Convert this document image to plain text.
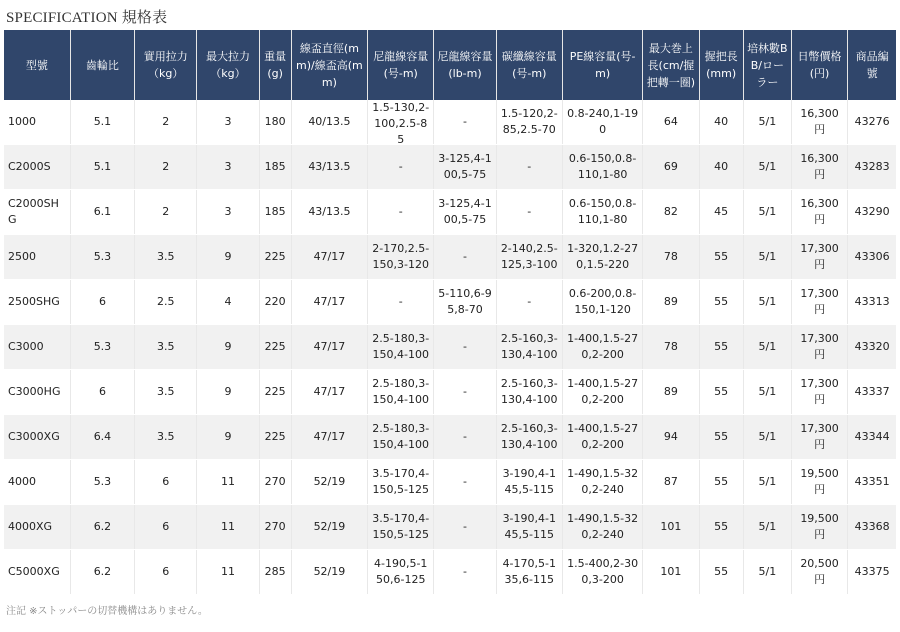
SPECIFICATION 規格表
型號	齒輪比	實用拉力（kg）	最大拉力（kg）	重量(g)	線盃直徑(mm)/線盃高(mm)	尼龍線容量(号-m)	尼龍線容量(lb-m)	碳纖線容量(号-m)	PE線容量(号-m)	最大巻上長(cm/握把轉一圈)	握把長(mm)	培林數BB/ローラー	日幣價格(円)	商品編號

1000	5.1	2	3	180	40/13.5	1.5-130,2-100,2.5-85	-	1.5-120,2-85,2.5-70	0.8-240,1-190	64	40	5/1	16,300円	43276

C2000S	5.1	2	3	185	43/13.5	-	3-125,4-100,5-75	-	0.6-150,0.8-110,1-80	69	40	5/1	16,300円	43283

C2000SHG	6.1	2	3	185	43/13.5	-	3-125,4-100,5-75	-	0.6-150,0.8-110,1-80	82	45	5/1	16,300円	43290

2500	5.3	3.5	9	225	47/17	2-170,2.5-150,3-120	-	2-140,2.5-125,3-100	1-320,1.2-270,1.5-220	78	55	5/1	17,300円	43306

2500SHG	6	2.5	4	220	47/17	-	5-110,6-95,8-70	-	0.6-200,0.8-150,1-120	89	55	5/1	17,300円	43313

C3000	5.3	3.5	9	225	47/17	2.5-180,3-150,4-100	-	2.5-160,3-130,4-100	1-400,1.5-270,2-200	78	55	5/1	17,300円	43320

C3000HG	6	3.5	9	225	47/17	2.5-180,3-150,4-100	-	2.5-160,3-130,4-100	1-400,1.5-270,2-200	89	55	5/1	17,300円	43337

C3000XG	6.4	3.5	9	225	47/17	2.5-180,3-150,4-100	-	2.5-160,3-130,4-100	1-400,1.5-270,2-200	94	55	5/1	17,300円	43344

4000	5.3	6	11	270	52/19	3.5-170,4-150,5-125	-	3-190,4-145,5-115	1-490,1.5-320,2-240	87	55	5/1	19,500円	43351

4000XG	6.2	6	11	270	52/19	3.5-170,4-150,5-125	-	3-190,4-145,5-115	1-490,1.5-320,2-240	101	55	5/1	19,500円	43368

C5000XG	6.2	6	11	285	52/19	4-190,5-150,6-125	-	4-170,5-135,6-115	1.5-400,2-300,3-200	101	55	5/1	20,500円	43375
注記 ※ストッパーの切替機構はありません。
